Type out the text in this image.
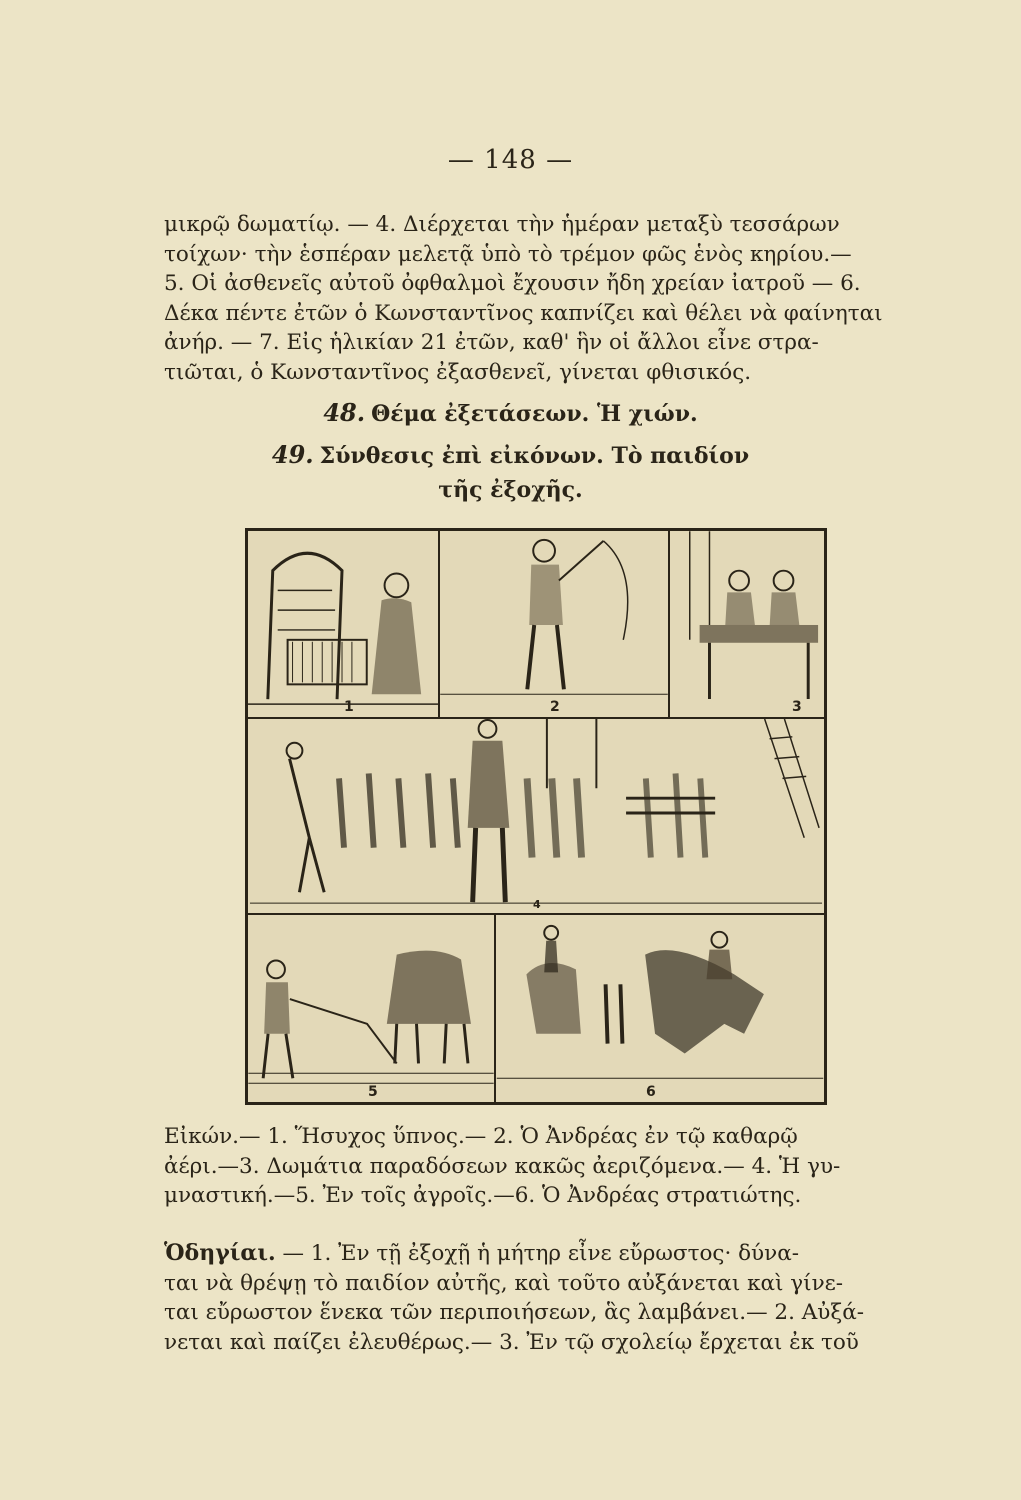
— 148 —

μικρῷ δωματίῳ. — 4. Διέρχεται τὴν ἡμέραν μεταξὺ τεσσάρων

τοίχων· τὴν ἑσπέραν μελετᾷ ὑπὸ τὸ τρέμον φῶς ἑνὸς κηρίου.—

5. Οἱ ἀσθενεῖς αὐτοῦ ὀφθαλμοὶ ἔχουσιν ἤδη χρείαν ἰατροῦ — 6.

Δέκα πέντε ἐτῶν ὁ Κωνσταντῖνος καπνίζει καὶ θέλει νὰ φαίνηται

ἀνήρ. — 7. Εἰς ἡλικίαν 21 ἐτῶν, καθ' ἣν οἱ ἄλλοι εἶνε στρα-

τιῶται, ὁ Κωνσταντῖνος ἐξασθενεῖ, γίνεται φθισικός.

48. Θέμα ἐξετάσεων. Ἡ χιών.
49. Σύνθεσις ἐπὶ εἰκόνων. Τὸ παιδίον
τῆς ἐξοχῆς.
1	2	3
4
5	6

Εἰκών.— 1. Ἥσυχος ὕπνος.— 2. Ὁ Ἀνδρέας ἐν τῷ καθαρῷ

ἀέρι.—3. Δωμάτια παραδόσεων κακῶς ἀεριζόμενα.— 4. Ἡ γυ-

μναστική.—5. Ἐν τοῖς ἀγροῖς.—6. Ὁ Ἀνδρέας στρατιώτης.

Ὁδηγίαι. — 1. Ἐν τῇ ἐξοχῇ ἡ μήτηρ εἶνε εὔρωστος· δύνα-

ται νὰ θρέψῃ τὸ παιδίον αὐτῆς, καὶ τοῦτο αὐξάνεται καὶ γίνε-

ται εὔρωστον ἕνεκα τῶν περιποιήσεων, ἃς λαμβάνει.— 2. Αὐξά-

νεται καὶ παίζει ἐλευθέρως.— 3. Ἐν τῷ σχολείῳ ἔρχεται ἐκ τοῦ
